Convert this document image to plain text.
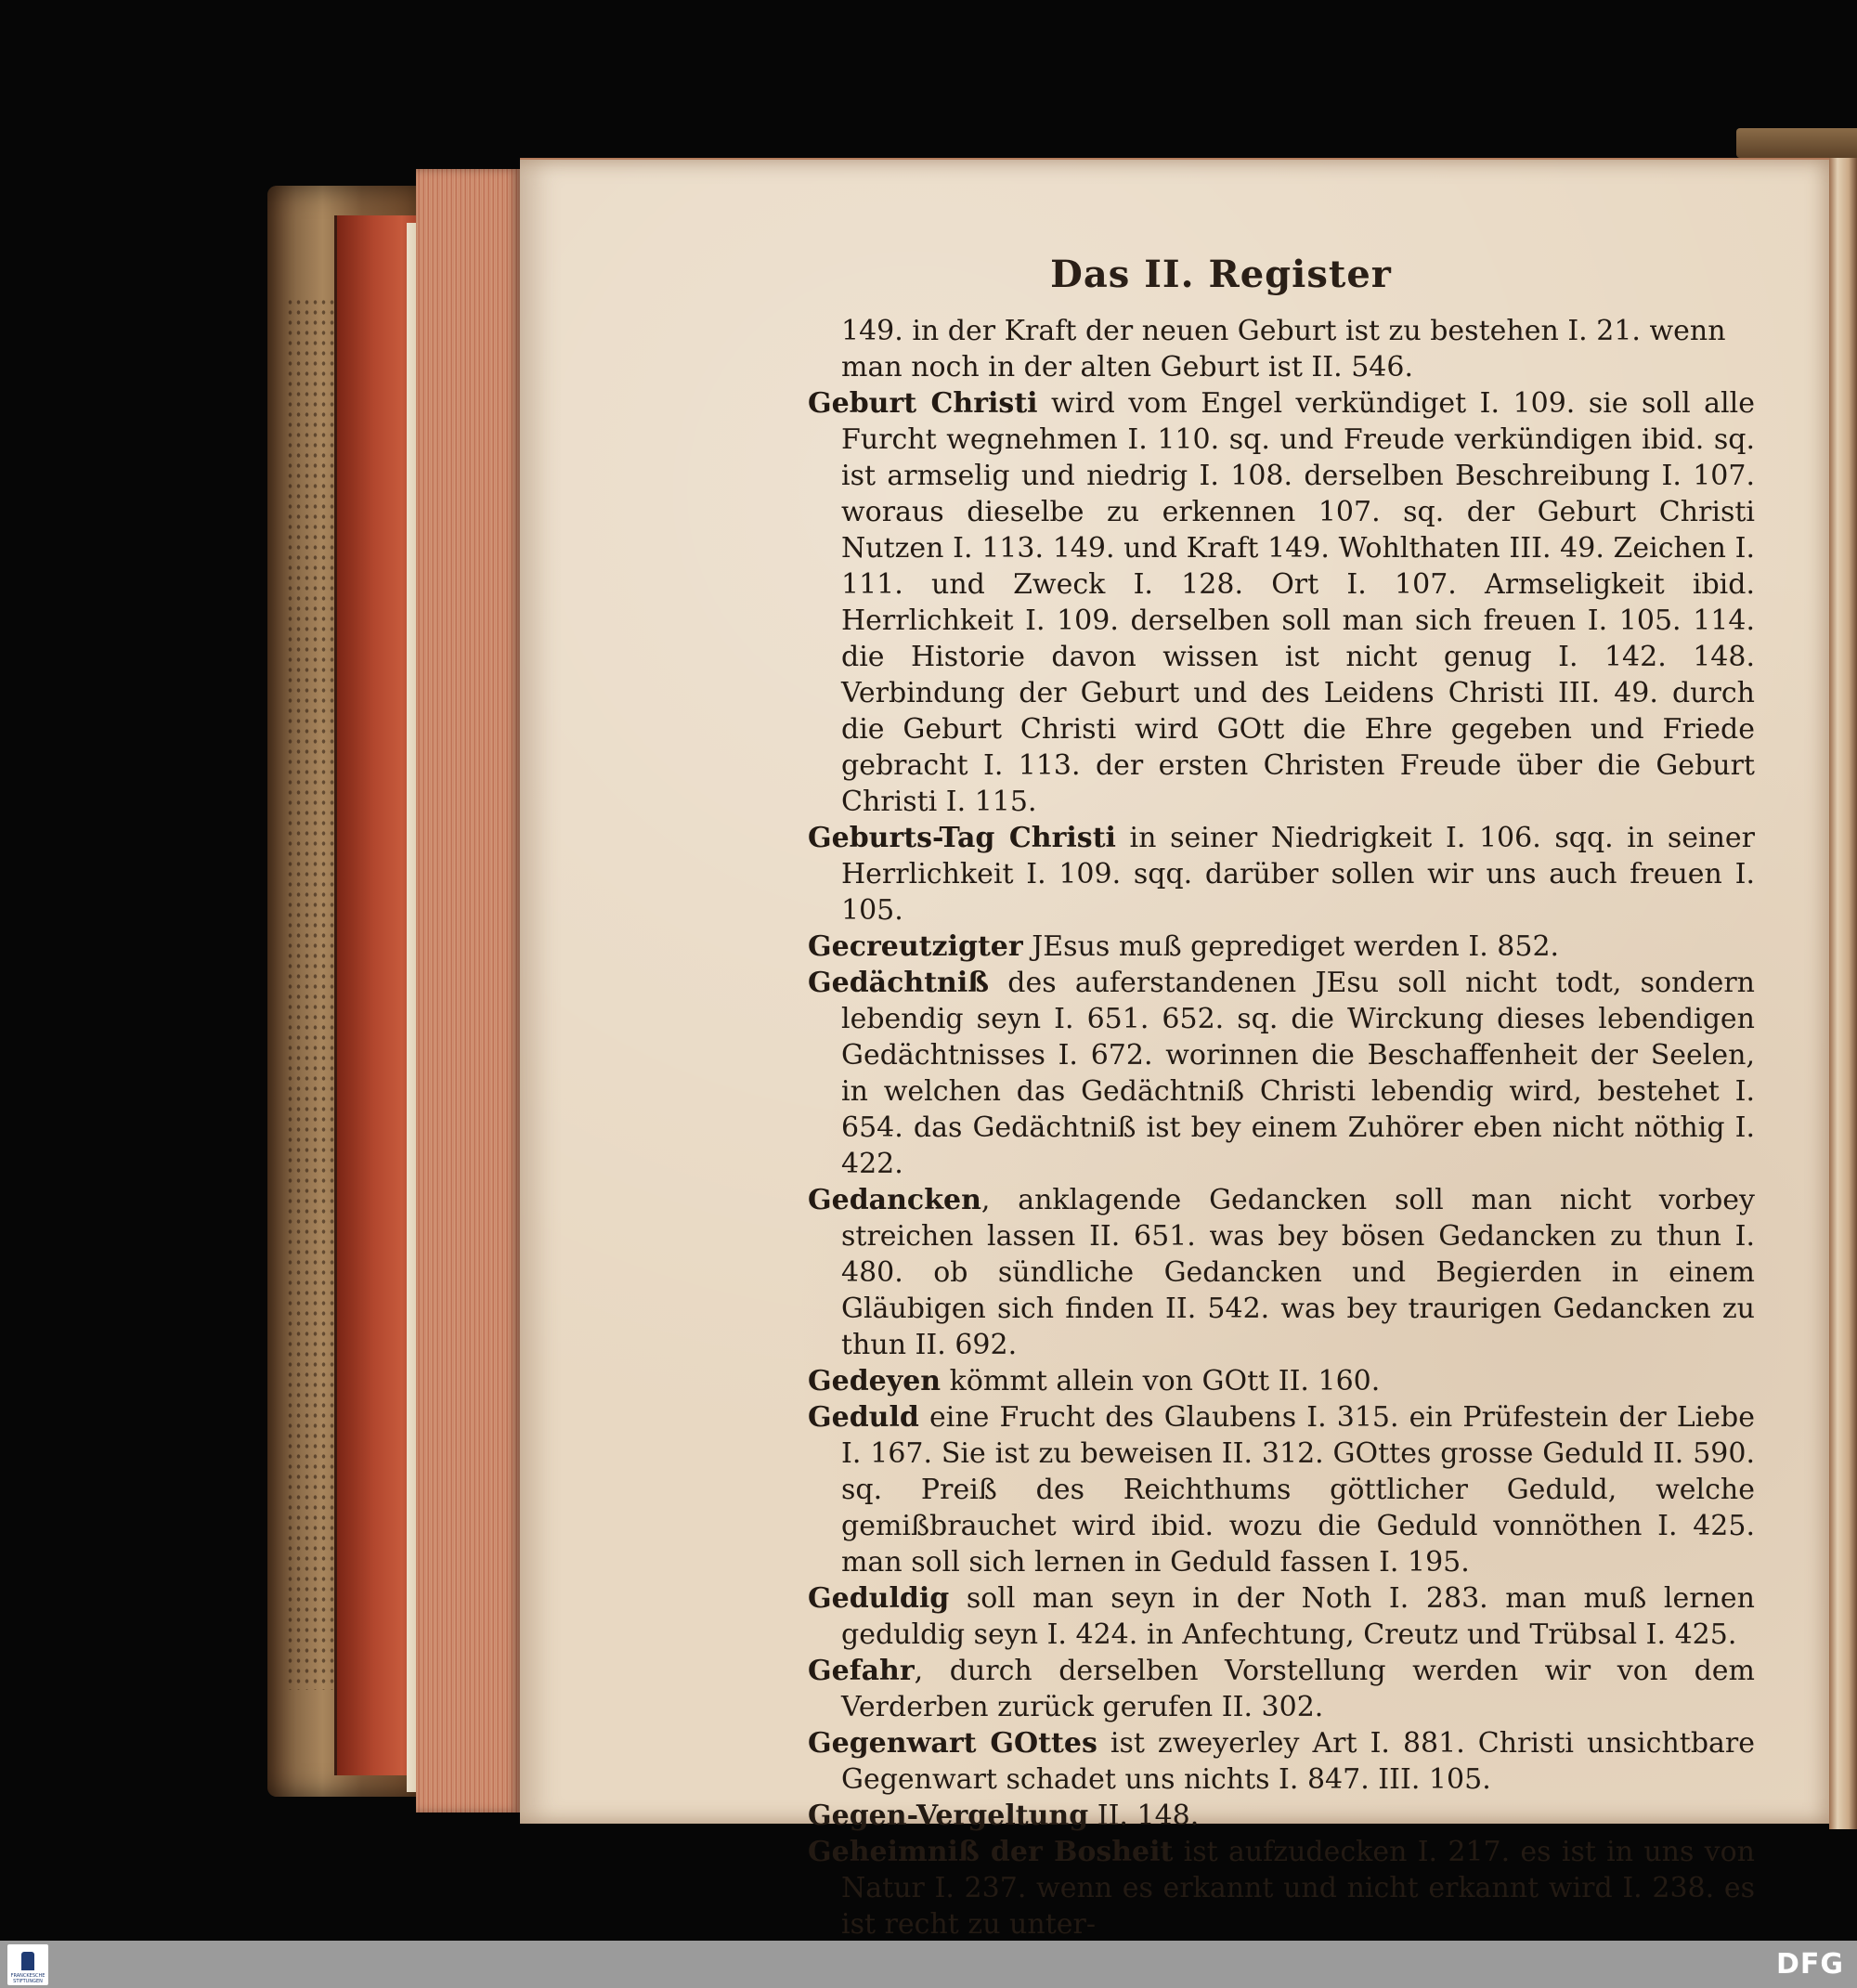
Das II. Register

149. in der Kraft der neuen Geburt ist zu bestehen I. 21. wenn man noch in der alten Geburt ist II. 546.

Geburt Christi wird vom Engel verkündiget I. 109. sie soll alle Furcht wegnehmen I. 110. sq. und Freude verkündigen ibid. sq. ist armselig und niedrig I. 108. derselben Beschreibung I. 107. woraus dieselbe zu erkennen 107. sq. der Geburt Christi Nutzen I. 113. 149. und Kraft 149. Wohlthaten III. 49. Zeichen I. 111. und Zweck I. 128. Ort I. 107. Armseligkeit ibid. Herrlichkeit I. 109. derselben soll man sich freuen I. 105. 114. die Historie davon wissen ist nicht genug I. 142. 148. Verbindung der Geburt und des Leidens Christi III. 49. durch die Geburt Christi wird GOtt die Ehre gegeben und Friede gebracht I. 113. der ersten Christen Freude über die Geburt Christi I. 115.

Geburts-Tag Christi in seiner Niedrigkeit I. 106. sqq. in seiner Herrlichkeit I. 109. sqq. darüber sollen wir uns auch freuen I. 105.

Gecreutzigter JEsus muß geprediget werden I. 852.

Gedächtniß des auferstandenen JEsu soll nicht todt, sondern lebendig seyn I. 651. 652. sq. die Wirckung dieses lebendigen Gedächtnisses I. 672. worinnen die Beschaffenheit der Seelen, in welchen das Gedächtniß Christi lebendig wird, bestehet I. 654. das Gedächtniß ist bey einem Zuhörer eben nicht nöthig I. 422.

Gedancken, anklagende Gedancken soll man nicht vorbey streichen lassen II. 651. was bey bösen Gedancken zu thun I. 480. ob sündliche Gedancken und Begierden in einem Gläubigen sich finden II. 542. was bey traurigen Gedancken zu thun II. 692.

Gedeyen kömmt allein von GOtt II. 160.

Geduld eine Frucht des Glaubens I. 315. ein Prüfestein der Liebe I. 167. Sie ist zu beweisen II. 312. GOttes grosse Geduld II. 590. sq. Preiß des Reichthums göttlicher Geduld, welche gemißbrauchet wird ibid. wozu die Geduld vonnöthen I. 425. man soll sich lernen in Geduld fassen I. 195.

Geduldig soll man seyn in der Noth I. 283. man muß lernen geduldig seyn I. 424. in Anfechtung, Creutz und Trübsal I. 425.

Gefahr, durch derselben Vorstellung werden wir von dem Verderben zurück gerufen II. 302.

Gegenwart GOttes ist zweyerley Art I. 881. Christi unsichtbare Gegenwart schadet uns nichts I. 847. III. 105.

Gegen-Vergeltung II. 148.

Geheimniß der Bosheit ist aufzudecken I. 217. es ist in uns von Natur I. 237. wenn es erkannt und nicht erkannt wird I. 238. es ist recht zu unter-

FRANCKESCHE STIFTUNGEN
DFG
